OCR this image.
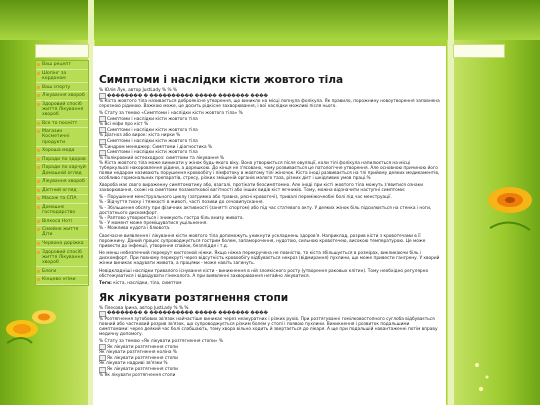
Ваш рецепт
Шопінг за кордоном
Ваш спорту
Лікування хвороб
Здоровий спосіб життя Лікування хвороб
Все то посмітт
Магазин Косметичні продукти
Хороша мода
Поради по здоров
Поради по харчуй Домашній огляд
Лікування хвороб
Дієтний огляд
Масаж та СПА
Домашнє господарство
Вілкоса Ноті
Сімейне життя Діти
Червона доріжка
Здоровий спосіб життя Лікування хвороб
Блоги
Кінцево нгіми
Симптоми і наслідки кісти жовтого тіла
% Юлія Лук, автор JustLady % % %
�������� � ���������� ����� ������� ����
% Кіста жовтого тіла називається доброякісне утворення, що виникло на місці лопнула фолікула. Як правило, порожнину новоутворення заповнена серозною рідиною. Важкою може, це досить рідкісне захворювання, і вої наслідки можливі після нього.
% Стату за темою «Симптоми і наслідки кісти жовтого тіла» %
Симптоми і наслідки кісти жовтого тіла
% Всі міфи про кіст %
Симптоми і наслідки кісти жовтого тіла
% Діагноз або вирок: кіста нирки %
Симптоми і наслідки кісти жовтого тіла
% Синдром менеджер: Симптоми і діагностика %
Симптоми і наслідки кісти жовтого тіла
% Полікровний остеоходроз: симптоми та лікування %
% Кіста жовтого тіла може виникати у жінок будь-якого віку. Вона утворюється після овуляції, коли тілі фолікула напилюється на місці туберкульозі накоровлення рідини, а дорешкою. До кінця не з'ясовано, чому розвивається це патологічне утворення. Але основною причиною його появи недаром називають порушення кровообігу і лімфотоку в жовтому тілі жіночок. Кіста іноді развивається на тлі прийому деяких медикаментів, особливо гормональних препаратів, стресу, різких зміщеній органів малого таза, різних дієт і шкідливих умов праці.%
Хвороба має свого вираженну симптоматику або, взагалі, протікати безсимптомно. Але іноді при кісті жовтого тіла можуть з'явитися ознаки захворювання, схожі на симптоми позаматкової вагітності або інших видів кіст яєчників. Тому, можна відзначити наступні симптоми:
% - Порушення менструального циклу (затримка або травна, рясні кровотечі), тривалі переміжочеобні болі під час менструації.
% - Відчуття тиску і тяжкості в животі, часті позиви до сечовипускання.
% - Збільшення обсягу при фізичних активності (занятті спортом) або під час статевого акту. У деяких жінок біль підсилюється на стенка і ноги, достатнього дискомфорт.
% - Раптово утворюється і знижують гостра біль внизу живота.
% - У момент може преміщуватися ущільнення.
% - Можлива нудота і блювота.
Своєчасне виявлення і лікування кісти жовтого тіла допоможуть уникнути ускладнень здоров'я. Наприклад, розрив кісти з кровотечами в її порожнину. Даний процес супроводжується гострим болем, запаморочення, нудотою, сильною кровотечею, високою температурою. Це може привести до інфекції, утворення спайок, безпліддя і т.д.
Не менш небезпечний перекрут кистозной ніжки. Якщо ніжка перекручена не повністю, то кіста збільшується в розмірах, викликаючи біль і дискомфорт. При повному перекруті через відсутність кровообігу відбувається некроз (відмирання) пухлини, що може привести гангрену. У хворий жінки виникає надувати живота, а працями - може навіть загинуть.
Невідкладніші наслідки тривалого існування кісти - виникнення в ній злоякісного росту (утворення раковых клітин). Тому необхідно регулярно обстежуватися і відвідувати гінеколога. А при виявленні захворювання негайно лікуватися.
Теги: кіста, наслідки, тіла, симптом
Як лікувати розтягнення стопи
% Плесова Ірина, автор JustLady % % %
�������� � ���������� ����� ������� ����
% Розтягнення зутобових зв'язок найчастіше виникає через неакуратних і різких рухів. При розтягуванні гомілковостопного суглоба відбувається повний або частковий розрив зв'язок, що супроводжується різким болем у стопі і появою пухлини. Виникнення і розвиток подальшими симптомами: через деякий час болі слабшають, тому хвора вільно ходить й звертається до лікаря. А ще при подальшій навантаженні потім вправу медичну допомогу.
% Стату за темою «Як лікувати розтягнення стопи» %
Як лікувати розтягнення стопи
Як лікувати розтягнення коліна %
Як лікувати розтягнення стопи
Як лікувати надриві зв'язки %
Як лікувати розтягнення стопи
% Як лікувати розтягнення стопи
